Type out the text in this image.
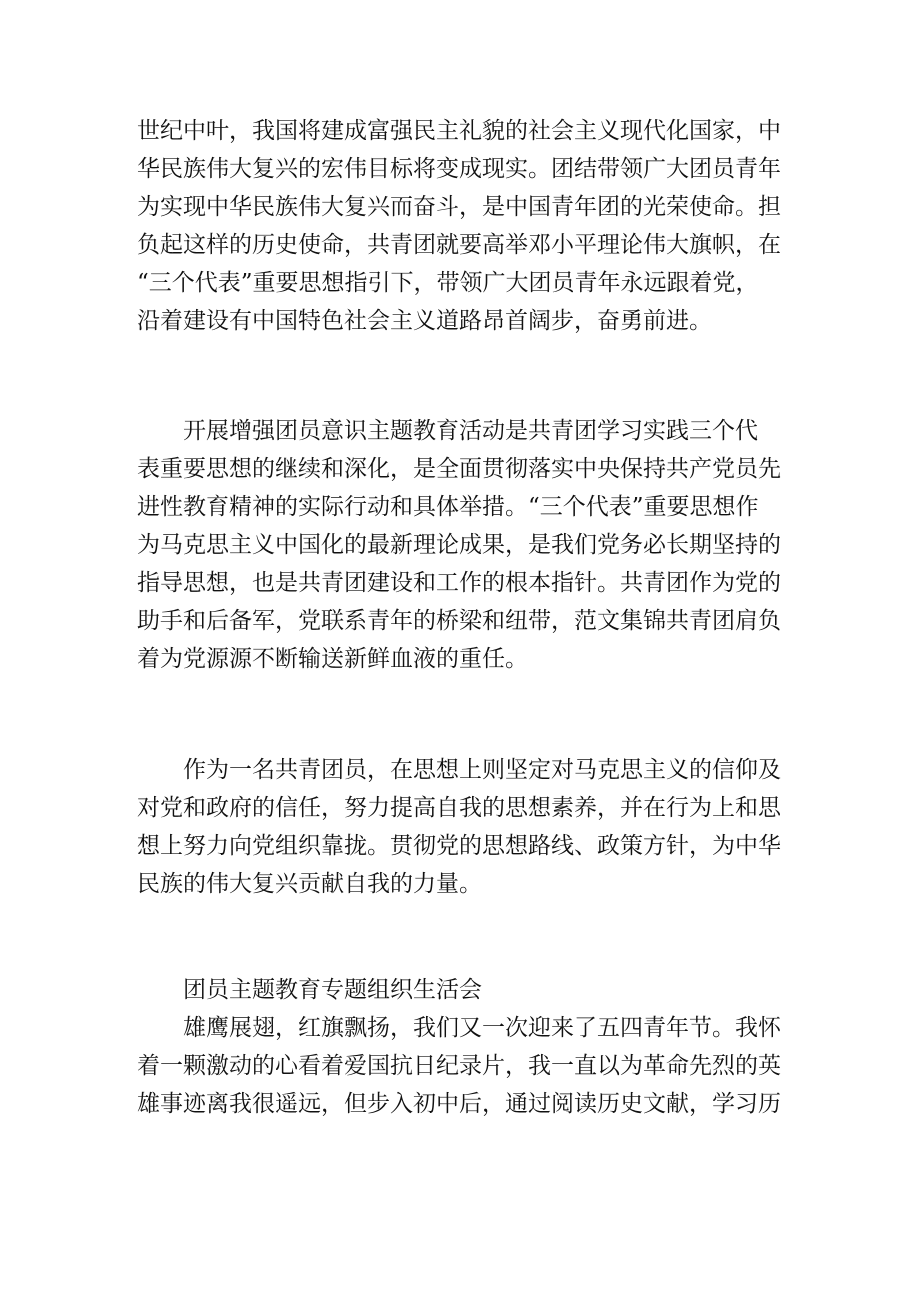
世纪中叶，我国将建成富强民主礼貌的社会主义现代化国家，中
华民族伟大复兴的宏伟目标将变成现实。团结带领广大团员青年
为实现中华民族伟大复兴而奋斗，是中国青年团的光荣使命。担
负起这样的历史使命，共青团就要高举邓小平理论伟大旗帜，在
“三个代表”重要思想指引下，带领广大团员青年永远跟着党，
沿着建设有中国特色社会主义道路昂首阔步，奋勇前进。

　　开展增强团员意识主题教育活动是共青团学习实践三个代
表重要思想的继续和深化，是全面贯彻落实中央保持共产党员先
进性教育精神的实际行动和具体举措。“三个代表”重要思想作
为马克思主义中国化的最新理论成果，是我们党务必长期坚持的
指导思想，也是共青团建设和工作的根本指针。共青团作为党的
助手和后备军，党联系青年的桥梁和纽带，范文集锦共青团肩负
着为党源源不断输送新鲜血液的重任。

　　作为一名共青团员，在思想上则坚定对马克思主义的信仰及
对党和政府的信任，努力提高自我的思想素养，并在行为上和思
想上努力向党组织靠拢。贯彻党的思想路线、政策方针，为中华
民族的伟大复兴贡献自我的力量。

　　团员主题教育专题组织生活会

　　雄鹰展翅，红旗飘扬，我们又一次迎来了五四青年节。我怀
着一颗激动的心看着爱国抗日纪录片，我一直以为革命先烈的英
雄事迹离我很遥远，但步入初中后，通过阅读历史文献，学习历
